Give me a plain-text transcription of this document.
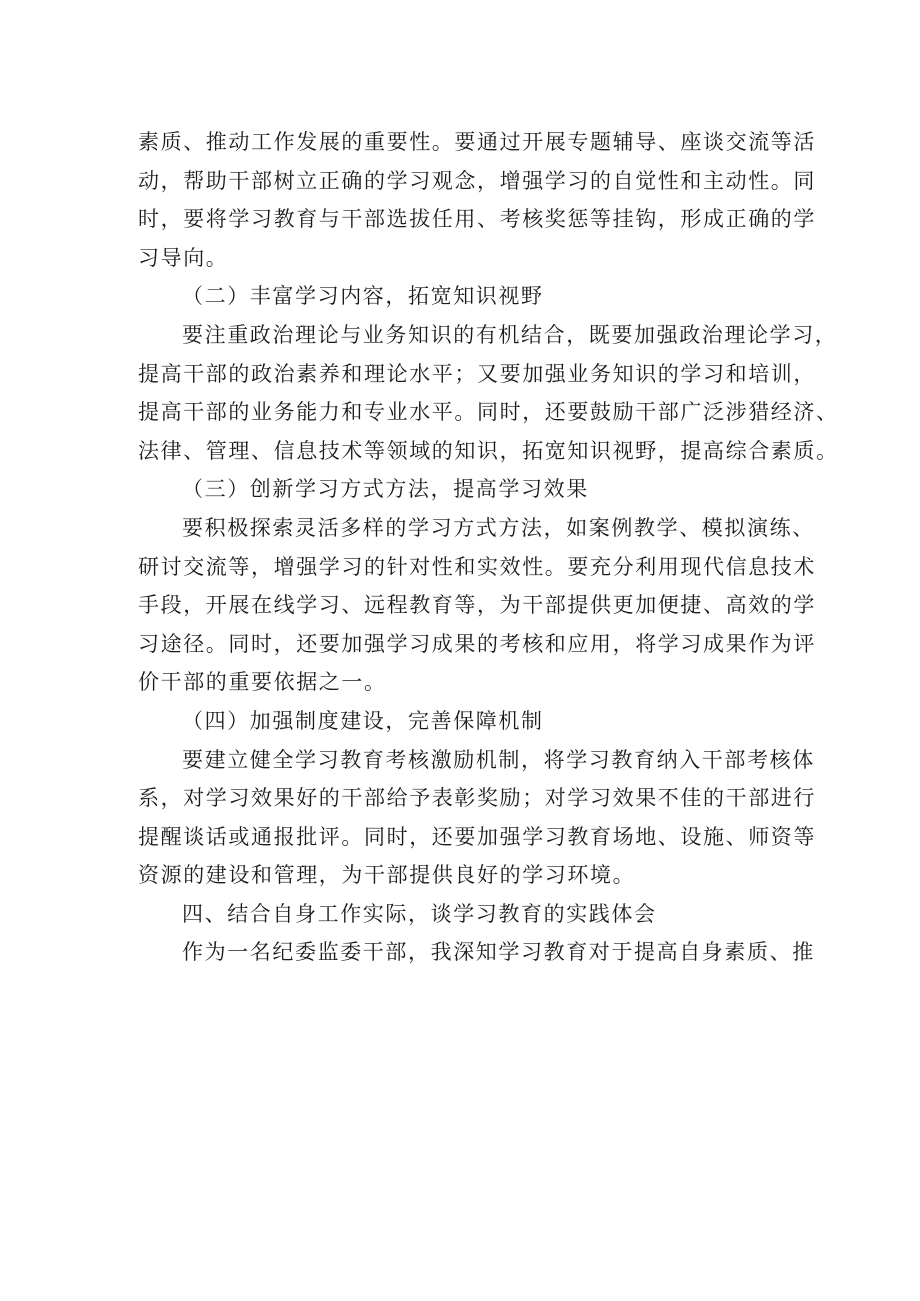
素质、推动工作发展的重要性。要通过开展专题辅导、座谈交流等活
动，帮助干部树立正确的学习观念，增强学习的自觉性和主动性。同
时，要将学习教育与干部选拔任用、考核奖惩等挂钩，形成正确的学
习导向。

（二）丰富学习内容，拓宽知识视野

要注重政治理论与业务知识的有机结合，既要加强政治理论学习，
提高干部的政治素养和理论水平；又要加强业务知识的学习和培训，
提高干部的业务能力和专业水平。同时，还要鼓励干部广泛涉猎经济、
法律、管理、信息技术等领域的知识，拓宽知识视野，提高综合素质。

（三）创新学习方式方法，提高学习效果

要积极探索灵活多样的学习方式方法，如案例教学、模拟演练、
研讨交流等，增强学习的针对性和实效性。要充分利用现代信息技术
手段，开展在线学习、远程教育等，为干部提供更加便捷、高效的学
习途径。同时，还要加强学习成果的考核和应用，将学习成果作为评
价干部的重要依据之一。

（四）加强制度建设，完善保障机制

要建立健全学习教育考核激励机制，将学习教育纳入干部考核体
系，对学习效果好的干部给予表彰奖励；对学习效果不佳的干部进行
提醒谈话或通报批评。同时，还要加强学习教育场地、设施、师资等
资源的建设和管理，为干部提供良好的学习环境。

四、结合自身工作实际，谈学习教育的实践体会

作为一名纪委监委干部，我深知学习教育对于提高自身素质、推
